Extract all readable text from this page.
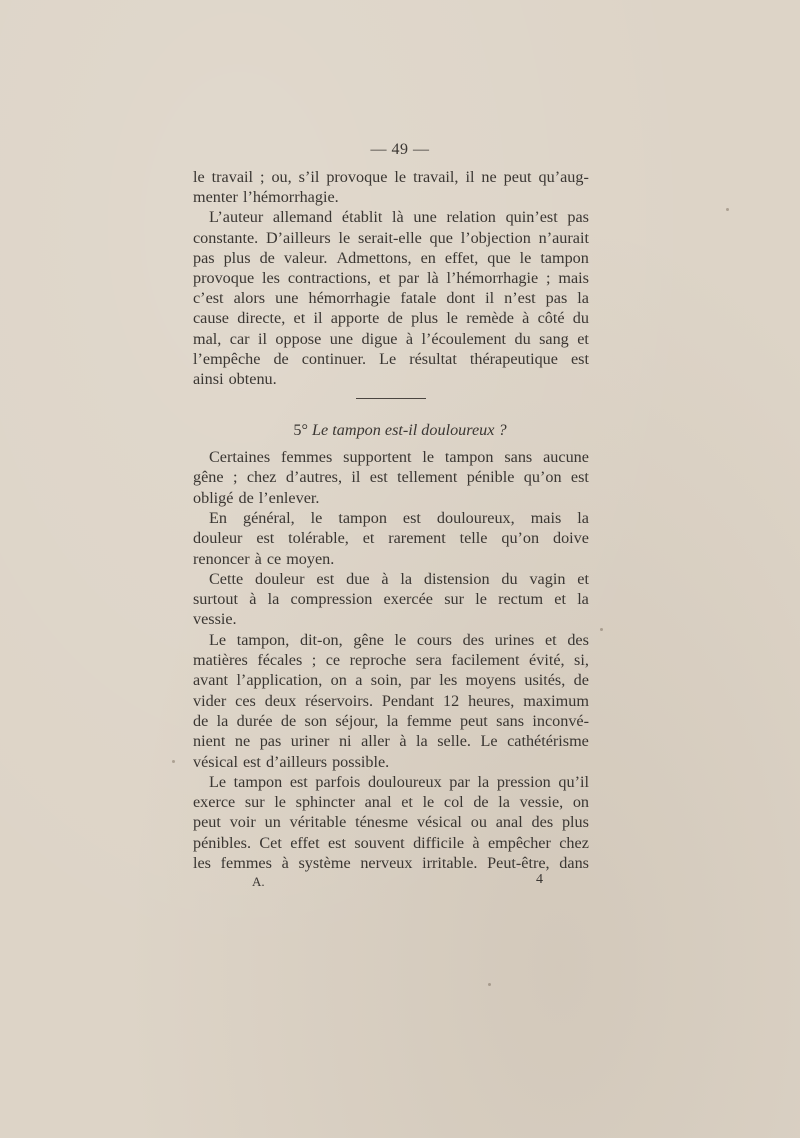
— 49 —
le travail ; ou, s’il provoque le travail, il ne peut qu’aug-
menter l’hémorrhagie.
L’auteur allemand établit là une relation quin’est pas
constante. D’ailleurs le serait-elle que l’objection n’aurait
pas plus de valeur. Admettons, en effet, que le tampon
provoque les contractions, et par là l’hémorrhagie ; mais
c’est alors une hémorrhagie fatale dont il n’est pas la
cause directe, et il apporte de plus le remède à côté du
mal, car il oppose une digue à l’écoulement du sang et
l’empêche de continuer. Le résultat thérapeutique est
ainsi obtenu.
5° Le tampon est-il douloureux ?
Certaines femmes supportent le tampon sans aucune
gêne ; chez d’autres, il est tellement pénible qu’on est
obligé de l’enlever.
En général, le tampon est douloureux, mais la
douleur est tolérable, et rarement telle qu’on doive
renoncer à ce moyen.
Cette douleur est due à la distension du vagin et
surtout à la compression exercée sur le rectum et la
vessie.
Le tampon, dit-on, gêne le cours des urines et des
matières fécales ; ce reproche sera facilement évité, si,
avant l’application, on a soin, par les moyens usités, de
vider ces deux réservoirs. Pendant 12 heures, maximum
de la durée de son séjour, la femme peut sans inconvé-
nient ne pas uriner ni aller à la selle. Le cathétérisme
vésical est d’ailleurs possible.
Le tampon est parfois douloureux par la pression qu’il
exerce sur le sphincter anal et le col de la vessie, on
peut voir un véritable ténesme vésical ou anal des plus
pénibles. Cet effet est souvent difficile à empêcher chez
les femmes à système nerveux irritable. Peut-être, dans
A.	4
